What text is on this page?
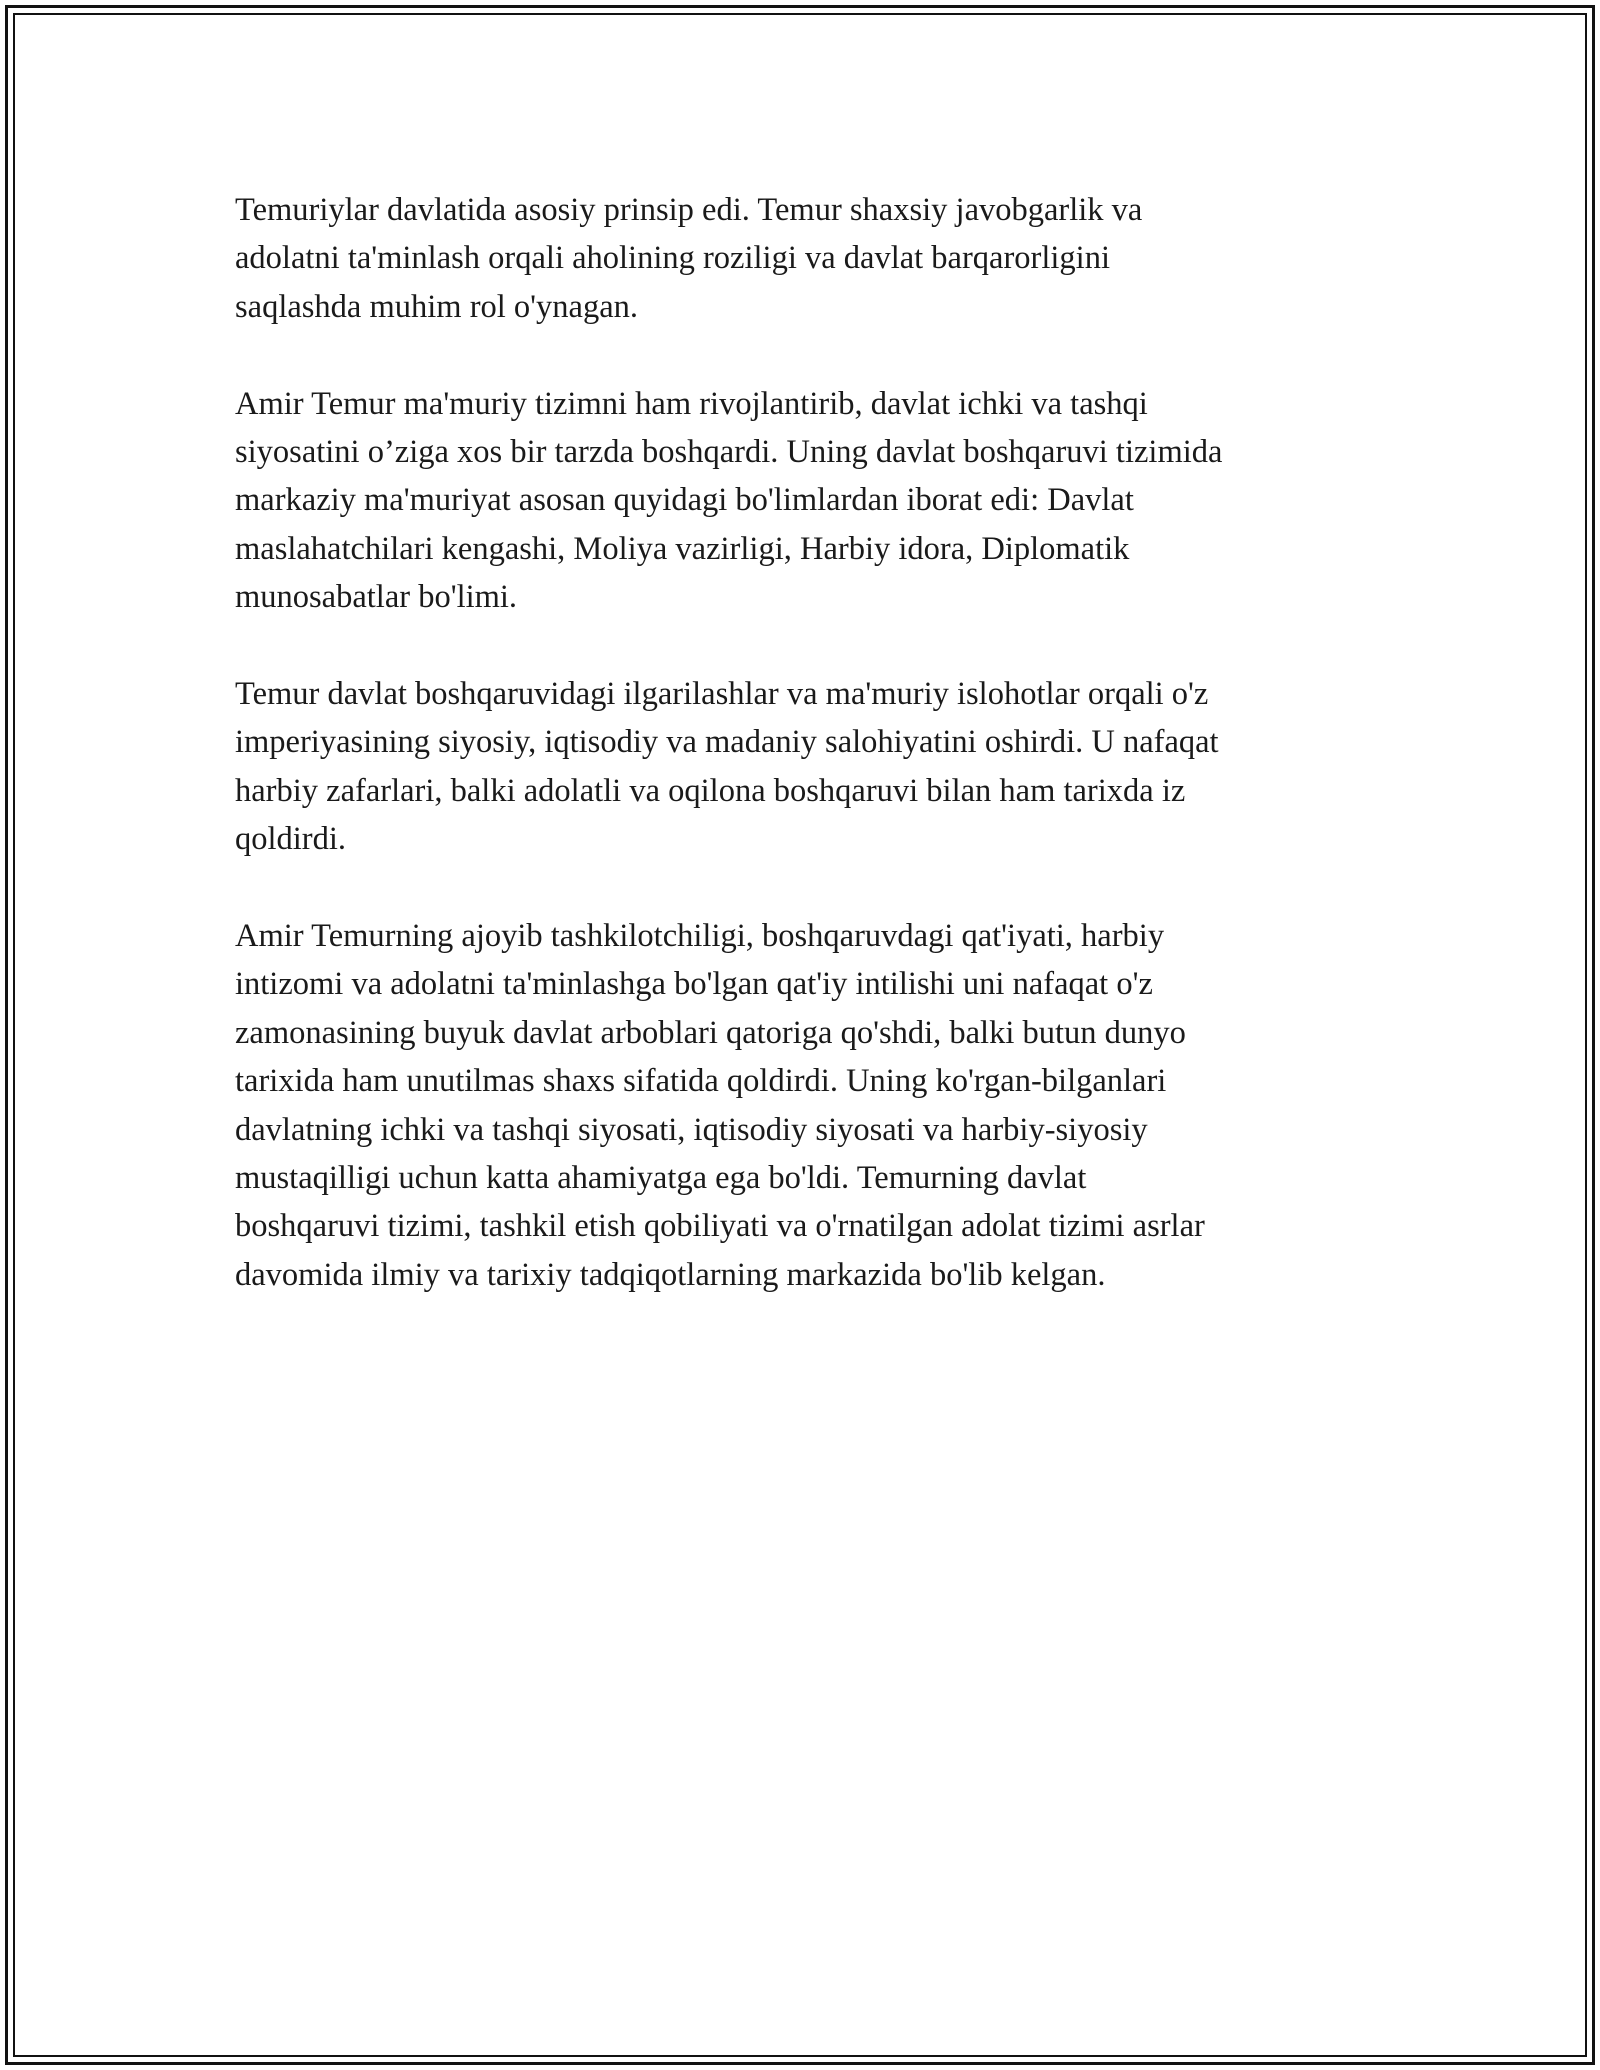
Temuriylar davlatida asosiy prinsip edi. Temur shaxsiy javobgarlik va
adolatni ta'minlash orqali aholining roziligi va davlat barqarorligini
saqlashda muhim rol o'ynagan.

Amir Temur ma'muriy tizimni ham rivojlantirib, davlat ichki va tashqi
siyosatini o’ziga xos bir tarzda boshqardi. Uning davlat boshqaruvi tizimida
markaziy ma'muriyat asosan quyidagi bo'limlardan iborat edi: Davlat
maslahatchilari kengashi, Moliya vazirligi, Harbiy idora, Diplomatik
munosabatlar bo'limi.

Temur davlat boshqaruvidagi ilgarilashlar va ma'muriy islohotlar orqali o'z
imperiyasining siyosiy, iqtisodiy va madaniy salohiyatini oshirdi. U nafaqat
harbiy zafarlari, balki adolatli va oqilona boshqaruvi bilan ham tarixda iz
qoldirdi.

Amir Temurning ajoyib tashkilotchiligi, boshqaruvdagi qat'iyati, harbiy
intizomi va adolatni ta'minlashga bo'lgan qat'iy intilishi uni nafaqat o'z
zamonasining buyuk davlat arboblari qatoriga qo'shdi, balki butun dunyo
tarixida ham unutilmas shaxs sifatida qoldirdi. Uning ko'rgan-bilganlari
davlatning ichki va tashqi siyosati, iqtisodiy siyosati va harbiy-siyosiy
mustaqilligi uchun katta ahamiyatga ega bo'ldi. Temurning davlat
boshqaruvi tizimi, tashkil etish qobiliyati va o'rnatilgan adolat tizimi asrlar
davomida ilmiy va tarixiy tadqiqotlarning markazida bo'lib kelgan.
